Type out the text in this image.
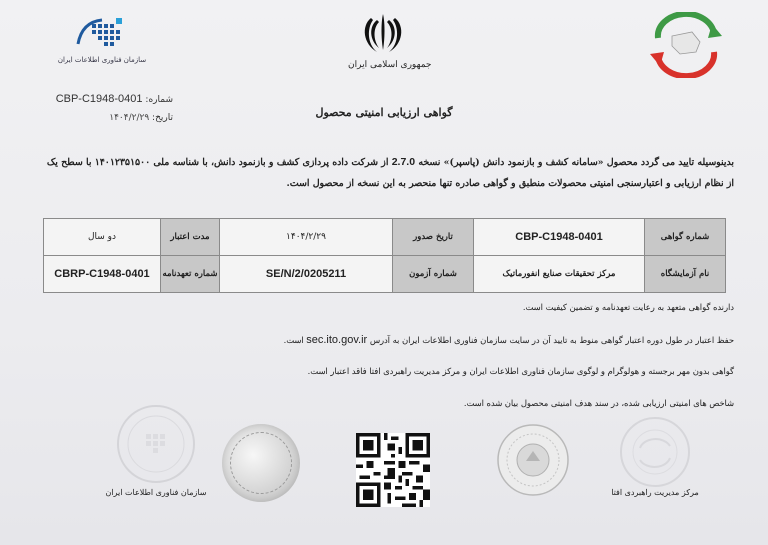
سازمان فناوری اطلاعات ایران	جمهوری اسلامی ایران
شماره: CBP-C1948-0401
تاریخ: ۱۴۰۴/۲/۲۹	گواهی ارزیابی امنیتی محصول
بدینوسیله تایید می گردد محصول «سامانه کشف و بازنمود دانش (پاسپر)» نسخه 2.7.0 از شرکت داده پردازی کشف و بازنمود دانش، با شناسه ملی ۱۴۰۱۲۳۵۱۵۰۰ با سطح یک از نظام ارزیابی و اعتبارسنجی امنیتی محصولات منطبق و گواهی صادره تنها منحصر به این نسخه از محصول است.
شماره گواهی	CBP-C1948-0401	تاریخ صدور	۱۴۰۴/۲/۲۹	مدت اعتبار	دو سال
نام آزمایشگاه	مرکز تحقیقات صنایع انفورماتیک	شماره آزمون	0205211/SE/N/2	شماره تعهدنامه	CBRP-C1948-0401
دارنده گواهی متعهد به رعایت تعهدنامه و تضمین کیفیت است.
حفظ اعتبار در طول دوره اعتبار گواهی منوط به تایید آن در سایت سازمان فناوری اطلاعات ایران به آدرس sec.ito.gov.ir است.
گواهی بدون مهر برجسته و هولوگرام و لوگوی سازمان فناوری اطلاعات ایران و مرکز مدیریت راهبردی افتا فاقد اعتبار است.
شاخص های امنیتی ارزیابی شده، در سند هدف امنیتی محصول بیان شده است.
سازمان فناوری اطلاعات ایران	مرکز مدیریت راهبردی افتا
